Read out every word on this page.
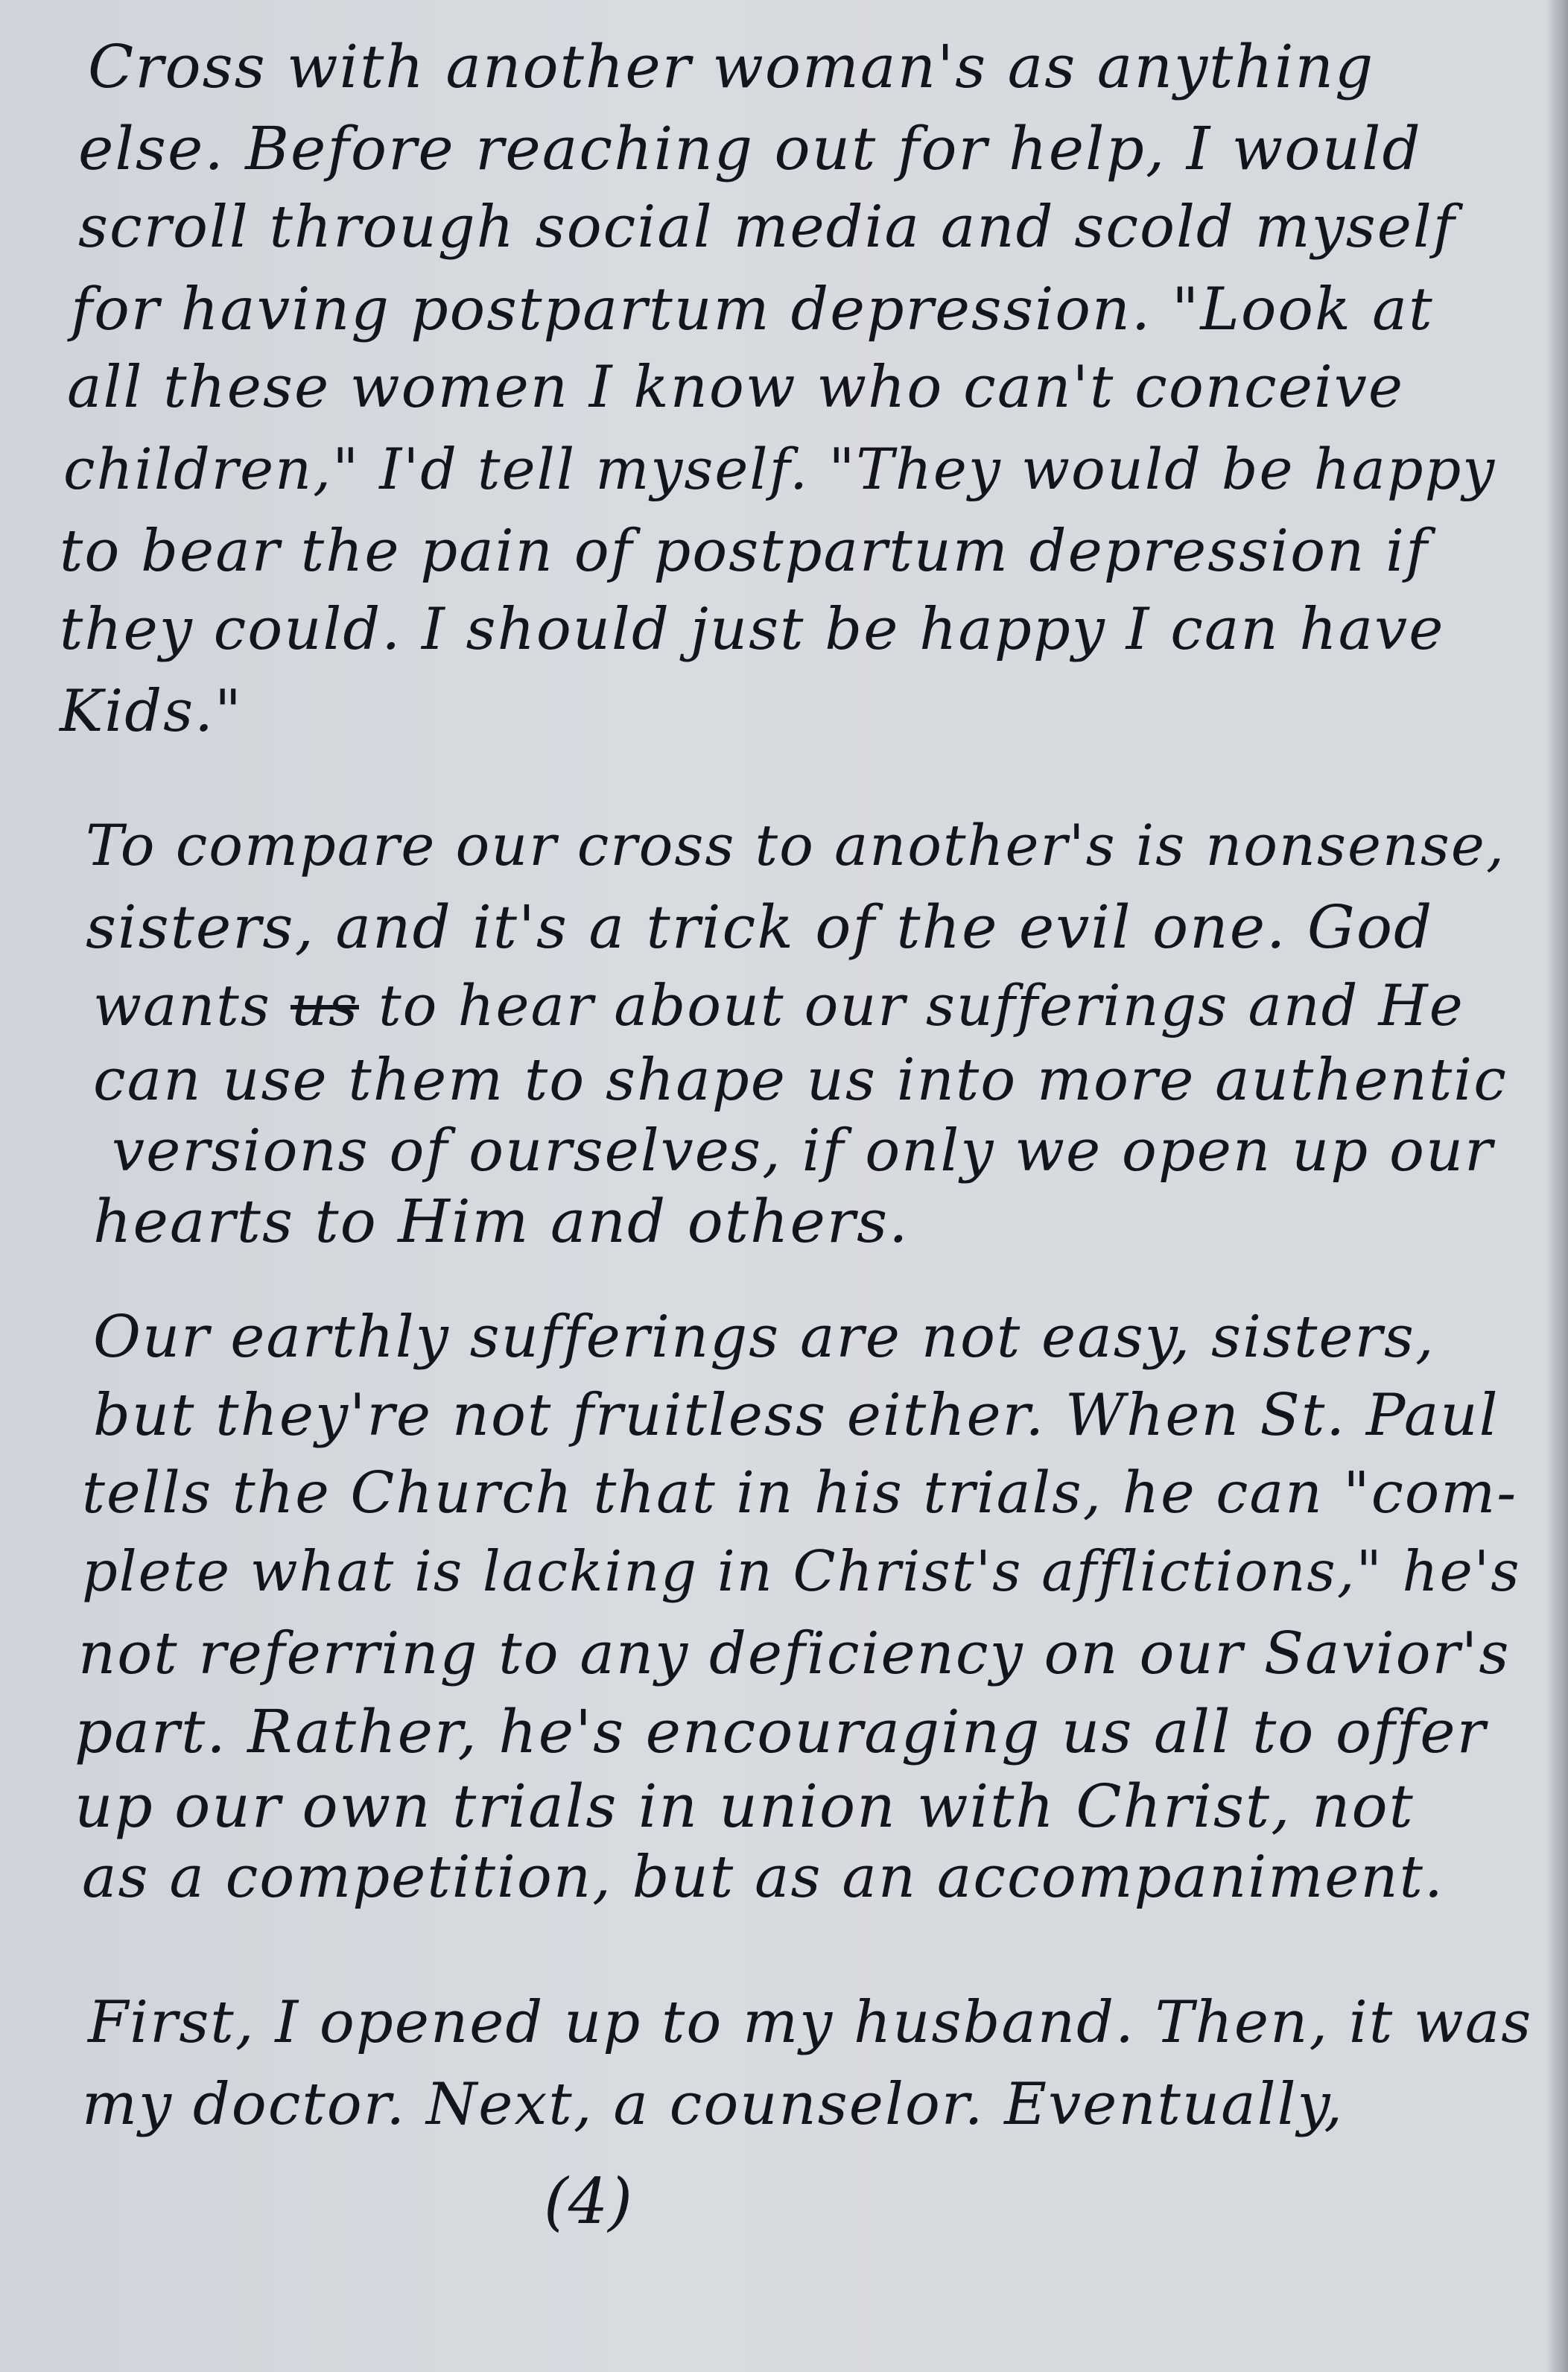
Cross with another woman's as anything
else. Before reaching out for help, I would
scroll through social media and scold myself
for having postpartum depression. "Look at
all these women I know who can't conceive
children," I'd tell myself. "They would be happy
to bear the pain of postpartum depression if
they could. I should just be happy I can have
Kids."
To compare our cross to another's is nonsense,
sisters, and it's a trick of the evil one. God
wants us to hear about our sufferings and He
can use them to shape us into more authentic
versions of ourselves, if only we open up our
hearts to Him and others.
Our earthly sufferings are not easy, sisters,
but they're not fruitless either. When St. Paul
tells the Church that in his trials, he can "com-
plete what is lacking in Christ's afflictions," he's
not referring to any deficiency on our Savior's
part. Rather, he's encouraging us all to offer
up our own trials in union with Christ, not
as a competition, but as an accompaniment.
First, I opened up to my husband. Then, it was
my doctor. Next, a counselor. Eventually,
(4)
